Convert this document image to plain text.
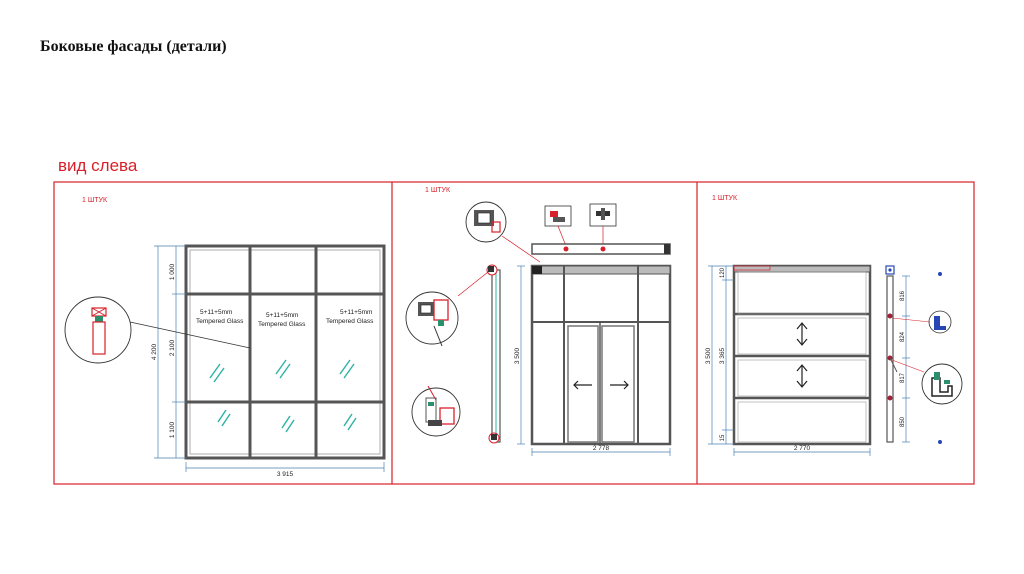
Боковые фасады (детали)
вид слева
1 ШТУК
5+11+5mm
Tempered Glass
5+11+5mm
Tempered Glass
5+11+5mm
Tempered Glass
1 000
2 100
1 100
4 200
3 915
1 ШТУК
3 500
2 778
1 ШТУК
120
3 365
15
3 500
2 770
816
824
817
850
